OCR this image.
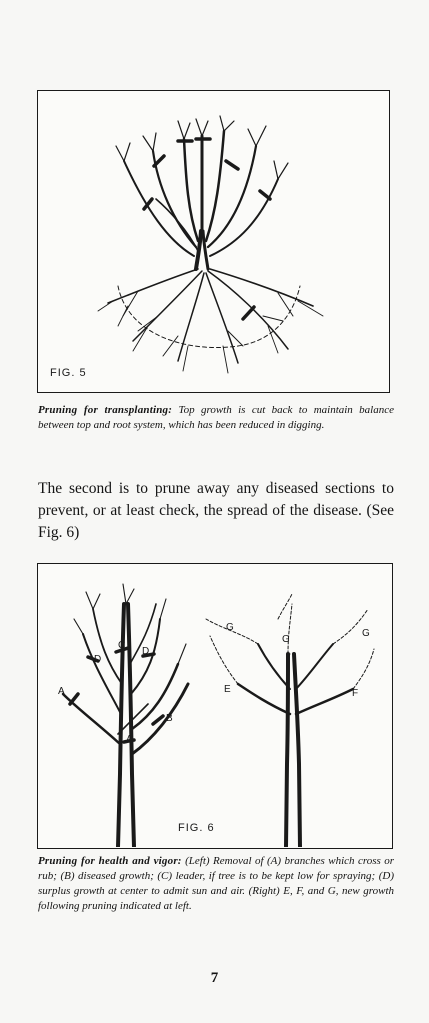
FIG. 5

Pruning for transplanting: Top growth is cut back to maintain balance between top and root system, which has been reduced in digging.

The second is to prune away any diseased sections to prevent, or at least check, the spread of the disease. (See Fig. 6)

A
B
C
D
D
A
G
G
G
E	F
FIG. 6

Pruning for health and vigor: (Left) Removal of (A) branches which cross or rub; (B) diseased growth; (C) leader, if tree is to be kept low for spraying; (D) surplus growth at center to admit sun and air. (Right) E, F, and G, new growth following pruning indicated at left.

7
